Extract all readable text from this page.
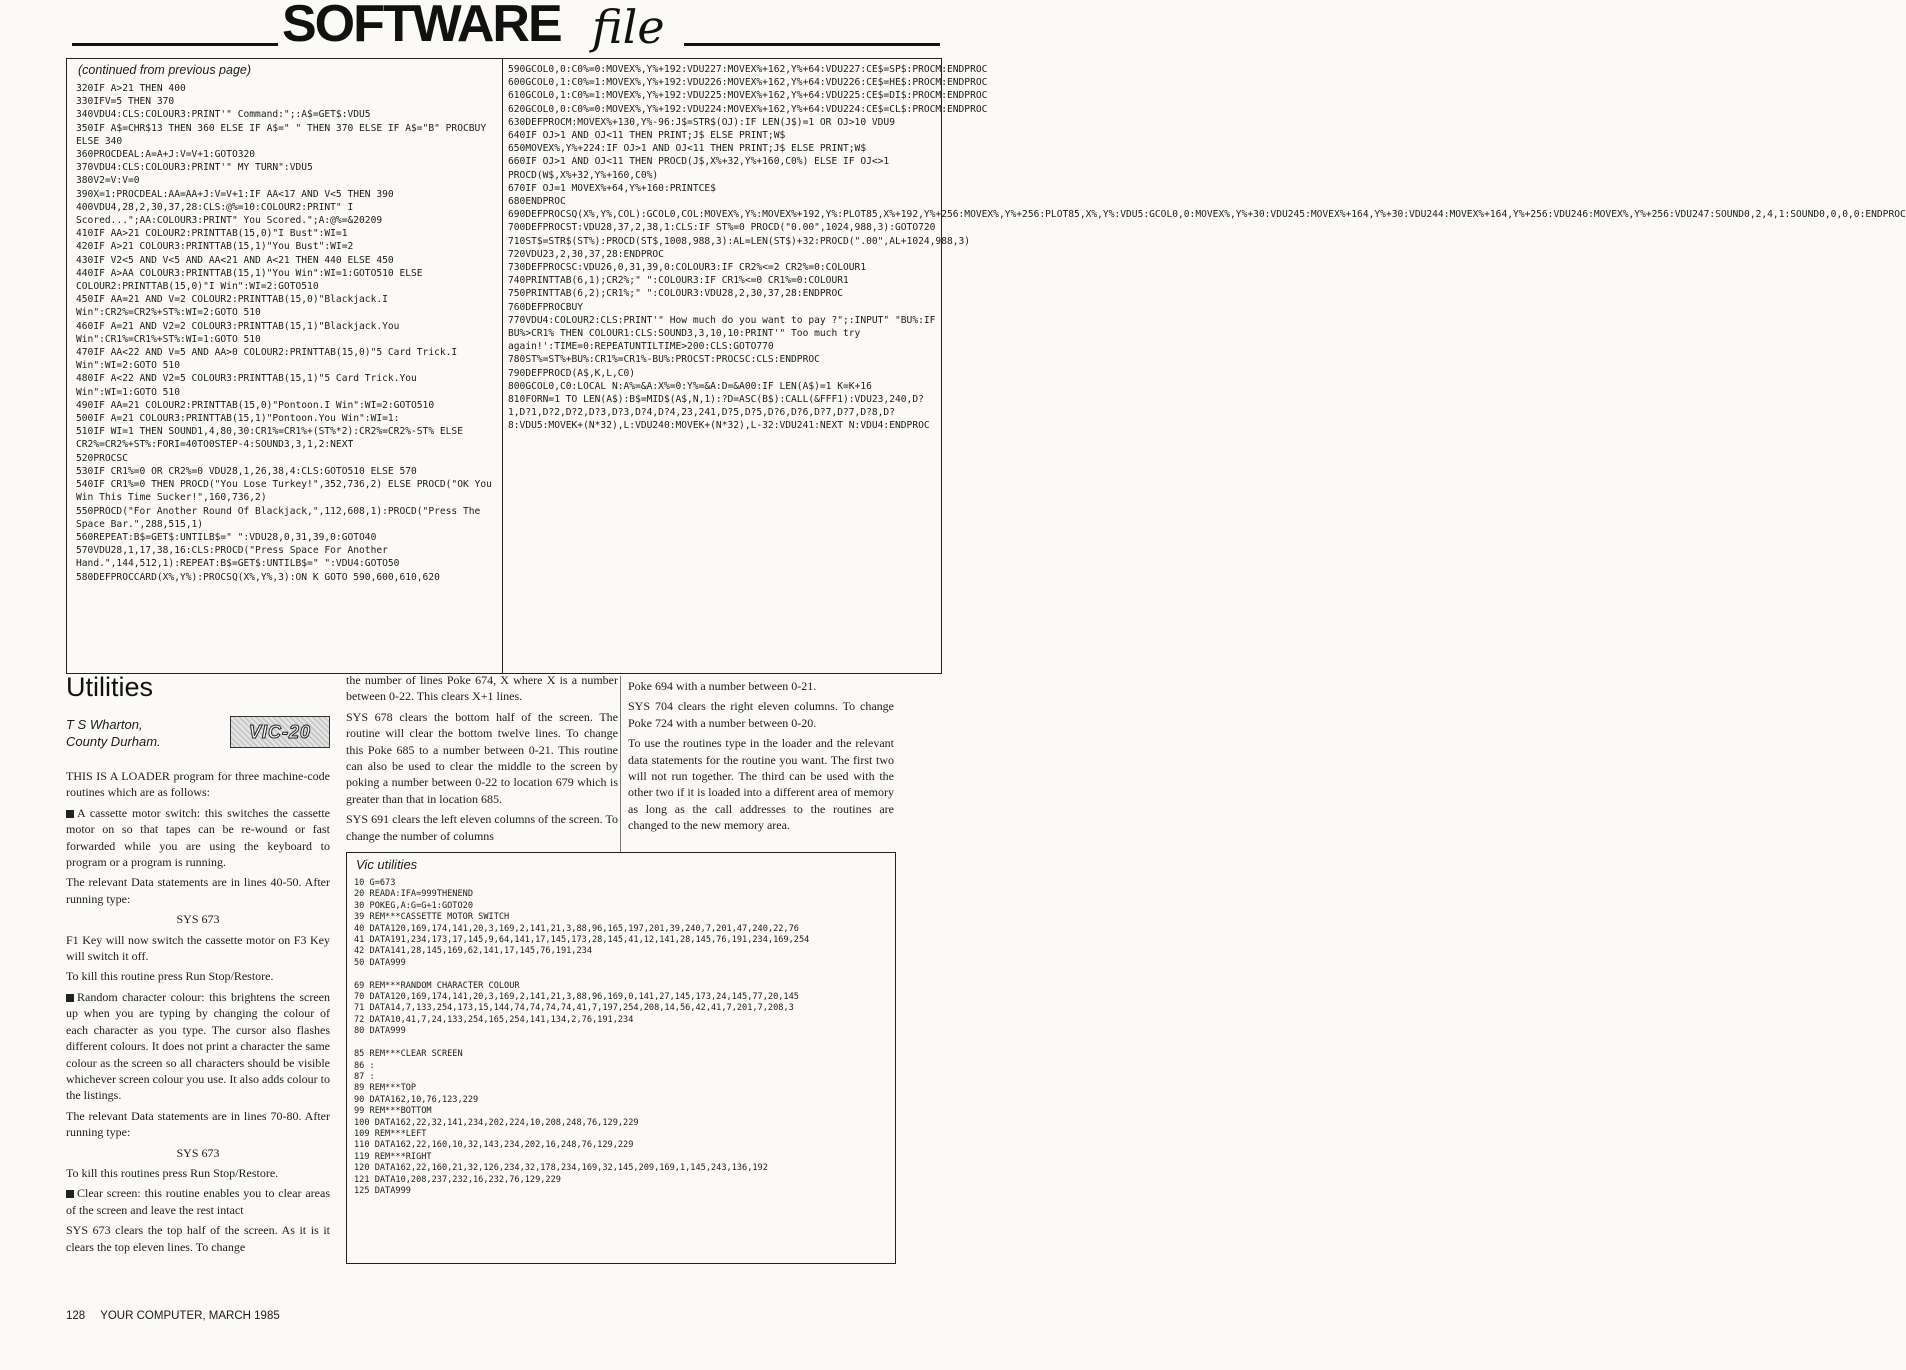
SOFTWARE file
(continued from previous page)
320IF A>21 THEN 400
330IFV=5 THEN 370
340VDU4:CLS:COLOUR3:PRINT'" Command:";:A$=GET$:VDU5
350IF A$=CHR$13 THEN 360 ELSE IF A$=" " THEN 370 ELSE IF A$="B" PROCBUY ELSE 340
360PROCDEAL:A=A+J:V=V+1:GOTO320
370VDU4:CLS:COLOUR3:PRINT'" MY TURN":VDU5
380V2=V:V=0
390X=1:PROCDEAL:AA=AA+J:V=V+1:IF AA<17 AND V<5 THEN 390
400VDU4,28,2,30,37,28:CLS:@%=10:COLOUR2:PRINT" I Scored...";AA:COLOUR3:PRINT" You Scored.";A:@%=&20209
410IF AA>21 COLOUR2:PRINTTAB(15,0)"I Bust":WI=1
420IF A>21 COLOUR3:PRINTTAB(15,1)"You Bust":WI=2
430IF V2<5 AND V<5 AND AA<21 AND A<21 THEN 440 ELSE 450
440IF A>AA COLOUR3:PRINTTAB(15,1)"You Win":WI=1:GOTO510 ELSE COLOUR2:PRINTTAB(15,0)"I Win":WI=2:GOTO510
450IF AA=21 AND V=2 COLOUR2:PRINTTAB(15,0)"Blackjack.I Win":CR2%=CR2%+ST%:WI=2:GOTO 510
460IF A=21 AND V2=2 COLOUR3:PRINTTAB(15,1)"Blackjack.You Win":CR1%=CR1%+ST%:WI=1:GOTO 510
470IF AA<22 AND V=5 AND AA>0 COLOUR2:PRINTTAB(15,0)"5 Card Trick.I Win":WI=2:GOTO 510
480IF A<22 AND V2=5 COLOUR3:PRINTTAB(15,1)"5 Card Trick.You Win":WI=1:GOTO 510
490IF AA=21 COLOUR2:PRINTTAB(15,0)"Pontoon.I Win":WI=2:GOTO510
500IF A=21 COLOUR3:PRINTTAB(15,1)"Pontoon.You Win":WI=1:
510IF WI=1 THEN SOUND1,4,80,30:CR1%=CR1%+(ST%*2):CR2%=CR2%-ST% ELSE CR2%=CR2%+ST%:FORI=40TO0STEP-4:SOUND3,3,1,2:NEXT
520PROCSC
530IF CR1%=0 OR CR2%=0 VDU28,1,26,38,4:CLS:GOTO510 ELSE 570
540IF CR1%=0 THEN PROCD("You Lose Turkey!",352,736,2) ELSE PROCD("OK You Win This Time Sucker!",160,736,2)
550PROCD("For Another Round Of Blackjack,",112,608,1):PROCD("Press The Space Bar.",288,515,1)
560REPEAT:B$=GET$:UNTILB$=" ":VDU28,0,31,39,0:GOTO40
570VDU28,1,17,38,16:CLS:PROCD("Press Space For Another Hand.",144,512,1):REPEAT:B$=GET$:UNTILB$=" ":VDU4:GOTO50
580DEFPROCCARD(X%,Y%):PROCSQ(X%,Y%,3):ON K GOTO 590,600,610,620
590GCOL0,0:C0%=0:MOVEX%,Y%+192:VDU227:MOVEX%+162,Y%+64:VDU227:CE$=SP$:PROCM:ENDPROC
600GCOL0,1:C0%=1:MOVEX%,Y%+192:VDU226:MOVEX%+162,Y%+64:VDU226:CE$=HE$:PROCM:ENDPROC
610GCOL0,1:C0%=1:MOVEX%,Y%+192:VDU225:MOVEX%+162,Y%+64:VDU225:CE$=DI$:PROCM:ENDPROC
620GCOL0,0:C0%=0:MOVEX%,Y%+192:VDU224:MOVEX%+162,Y%+64:VDU224:CE$=CL$:PROCM:ENDPROC
630DEFPROCM:MOVEX%+130,Y%-96:J$=STR$(OJ):IF LEN(J$)=1 OR OJ>10 VDU9
640IF OJ>1 AND OJ<11 THEN PRINT;J$ ELSE PRINT;W$
650MOVEX%,Y%+224:IF OJ>1 AND OJ<11 THEN PRINT;J$ ELSE PRINT;W$
660IF OJ>1 AND OJ<11 THEN PROCD(J$,X%+32,Y%+160,C0%) ELSE IF OJ<>1 PROCD(W$,X%+32,Y%+160,C0%)
670IF OJ=1 MOVEX%+64,Y%+160:PRINTCE$
680ENDPROC
690DEFPROCSQ(X%,Y%,COL):GCOL0,COL:MOVEX%,Y%:MOVEX%+192,Y%:PLOT85,X%+192,Y%+256:MOVEX%,Y%+256:PLOT85,X%,Y%:VDU5:GCOL0,0:MOVEX%,Y%+30:VDU245:MOVEX%+164,Y%+30:VDU244:MOVEX%+164,Y%+256:VDU246:MOVEX%,Y%+256:VDU247:SOUND0,2,4,1:SOUND0,0,0,0:ENDPROC
700DEFPROCST:VDU28,37,2,38,1:CLS:IF ST%=0 PROCD("0.00",1024,988,3):GOTO720
710ST$=STR$(ST%):PROCD(ST$,1008,988,3):AL=LEN(ST$)+32:PROCD(".00",AL+1024,988,3)
720VDU23,2,30,37,28:ENDPROC
730DEFPROCSC:VDU26,0,31,39,0:COLOUR3:IF CR2%<=2 CR2%=0:COLOUR1
740PRINTTAB(6,1);CR2%;" ":COLOUR3:IF CR1%<=0 CR1%=0:COLOUR1
750PRINTTAB(6,2);CR1%;" ":COLOUR3:VDU28,2,30,37,28:ENDPROC
760DEFPROCBUY
770VDU4:COLOUR2:CLS:PRINT'" How much do you want to pay ?";:INPUT" "BU%:IF BU%>CR1% THEN COLOUR1:CLS:SOUND3,3,10,10:PRINT'" Too much try again!':TIME=0:REPEATUNTILTIME>200:CLS:GOTO770
780ST%=ST%+BU%:CR1%=CR1%-BU%:PROCST:PROCSC:CLS:ENDPROC
790DEFPROCD(A$,K,L,C0)
800GCOL0,C0:LOCAL N:A%=&A:X%=0:Y%=&A:D=&A00:IF LEN(A$)=1 K=K+16
810FORN=1 TO LEN(A$):B$=MID$(A$,N,1):?D=ASC(B$):CALL(&FFF1):VDU23,240,D?1,D?1,D?2,D?2,D?3,D?3,D?4,D?4,23,241,D?5,D?5,D?6,D?6,D?7,D?7,D?8,D?8:VDU5:MOVEK+(N*32),L:VDU240:MOVEK+(N*32),L-32:VDU241:NEXT N:VDU4:ENDPROC
Utilities
T S Wharton,
County Durham.	VIC-20

THIS IS A LOADER program for three machine-code routines which are as follows:

A cassette motor switch: this switches the cassette motor on so that tapes can be re-wound or fast forwarded while you are using the keyboard to program or a program is running.

The relevant Data statements are in lines 40-50. After running type:

SYS 673

F1 Key will now switch the cassette motor on F3 Key will switch it off.

To kill this routine press Run Stop/Restore.

Random character colour: this brightens the screen up when you are typing by changing the colour of each character as you type. The cursor also flashes different colours. It does not print a character the same colour as the screen so all characters should be visible whichever screen colour you use. It also adds colour to the listings.

The relevant Data statements are in lines 70-80. After running type:

SYS 673

To kill this routines press Run Stop/Restore.

Clear screen: this routine enables you to clear areas of the screen and leave the rest intact

SYS 673 clears the top half of the screen. As it is it clears the top eleven lines. To change

the number of lines Poke 674, X where X is a number between 0-22. This clears X+1 lines.

SYS 678 clears the bottom half of the screen. The routine will clear the bottom twelve lines. To change this Poke 685 to a number between 0-21. This routine can also be used to clear the middle to the screen by poking a number between 0-22 to location 679 which is greater than that in location 685.

SYS 691 clears the left eleven columns of the screen. To change the number of columns

Poke 694 with a number between 0-21.

SYS 704 clears the right eleven columns. To change Poke 724 with a number between 0-20.

To use the routines type in the loader and the relevant data statements for the routine you want. The first two will not run together. The third can be used with the other two if it is loaded into a different area of memory as long as the call addresses to the routines are changed to the new memory area.

Vic utilities
10 G=673
20 READA:IFA=999THENEND
30 POKEG,A:G=G+1:GOTO20
39 REM***CASSETTE MOTOR SWITCH
40 DATA120,169,174,141,20,3,169,2,141,21,3,88,96,165,197,201,39,240,7,201,47,240,22,76
41 DATA191,234,173,17,145,9,64,141,17,145,173,28,145,41,12,141,28,145,76,191,234,169,254
42 DATA141,28,145,169,62,141,17,145,76,191,234
50 DATA999

69 REM***RANDOM CHARACTER COLOUR
70 DATA120,169,174,141,20,3,169,2,141,21,3,88,96,169,0,141,27,145,173,24,145,77,20,145
71 DATA14,7,133,254,173,15,144,74,74,74,74,41,7,197,254,208,14,56,42,41,7,201,7,208,3
72 DATA10,41,7,24,133,254,165,254,141,134,2,76,191,234
80 DATA999

85 REM***CLEAR SCREEN
86 :
87 :
89 REM***TOP
90 DATA162,10,76,123,229
99 REM***BOTTOM
100 DATA162,22,32,141,234,202,224,10,208,248,76,129,229
109 REM***LEFT
110 DATA162,22,160,10,32,143,234,202,16,248,76,129,229
119 REM***RIGHT
120 DATA162,22,160,21,32,126,234,32,178,234,169,32,145,209,169,1,145,243,136,192
121 DATA10,208,237,232,16,232,76,129,229
125 DATA999
128 YOUR COMPUTER, MARCH 1985
